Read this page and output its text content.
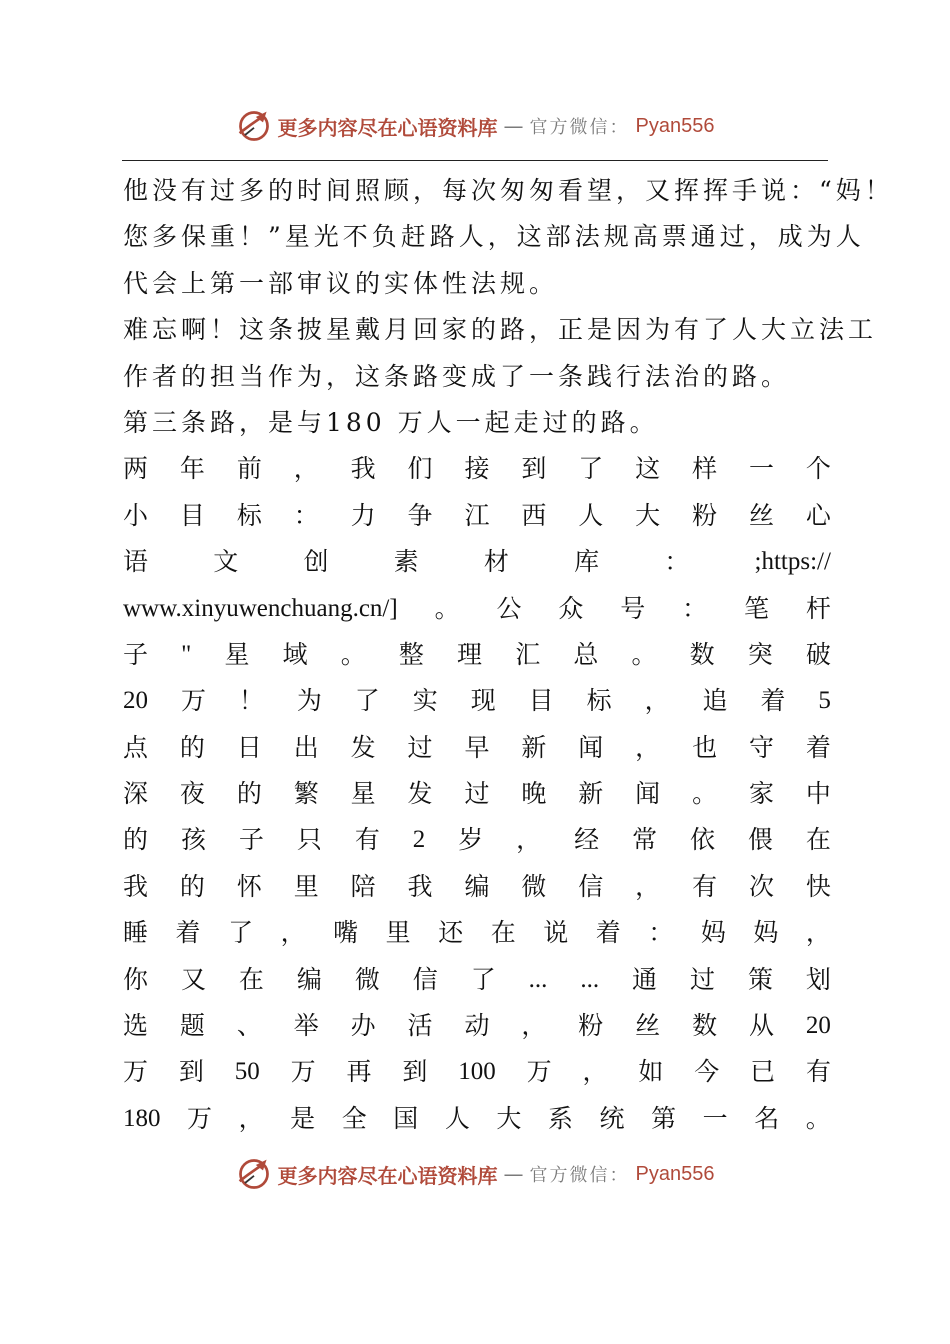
更多内容尽在心语资料库 — 官方微信： Pyan556
他没有过多的时间照顾，每次匆匆看望，又挥挥手说：“妈！
您多保重！”星光不负赶路人，这部法规高票通过，成为人
代会上第一部审议的实体性法规。
难忘啊！这条披星戴月回家的路，正是因为有了人大立法工
作者的担当作为，这条路变成了一条践行法治的路。
第三条路，是与180 万人一起走过的路。
两 年 前 ， 我 们 接 到 了 这 样 一 个
小 目 标 ： 力 争 江 西 人 大 粉 丝 心
语	文	创	素	材	库	：	;https://
www.xinyuwenchuang.cn/] 。 公 众 号 ： 笔 杆
子 " 星 域 。 整 理 汇 总 。 数 突 破
20 万 ！ 为 了 实 现 目 标 ， 追 着 5
点 的 日 出 发 过 早 新 闻 ， 也 守 着
深 夜 的 繁 星 发 过 晚 新 闻 。 家 中
的 孩 子 只 有 2 岁 ， 经 常 依 偎 在
我 的 怀 里 陪 我 编 微 信 ， 有 次 快
睡 着 了 ， 嘴 里 还 在 说 着 ： 妈 妈 ，
你 又 在 编 微 信 了 ... ... 通 过 策 划
选 题 、 举 办 活 动 ， 粉 丝 数 从 20
万 到 50 万 再 到 100 万 ， 如 今 已 有
180 万 ， 是 全 国 人 大 系 统 第 一 名 。
更多内容尽在心语资料库 — 官方微信： Pyan556
